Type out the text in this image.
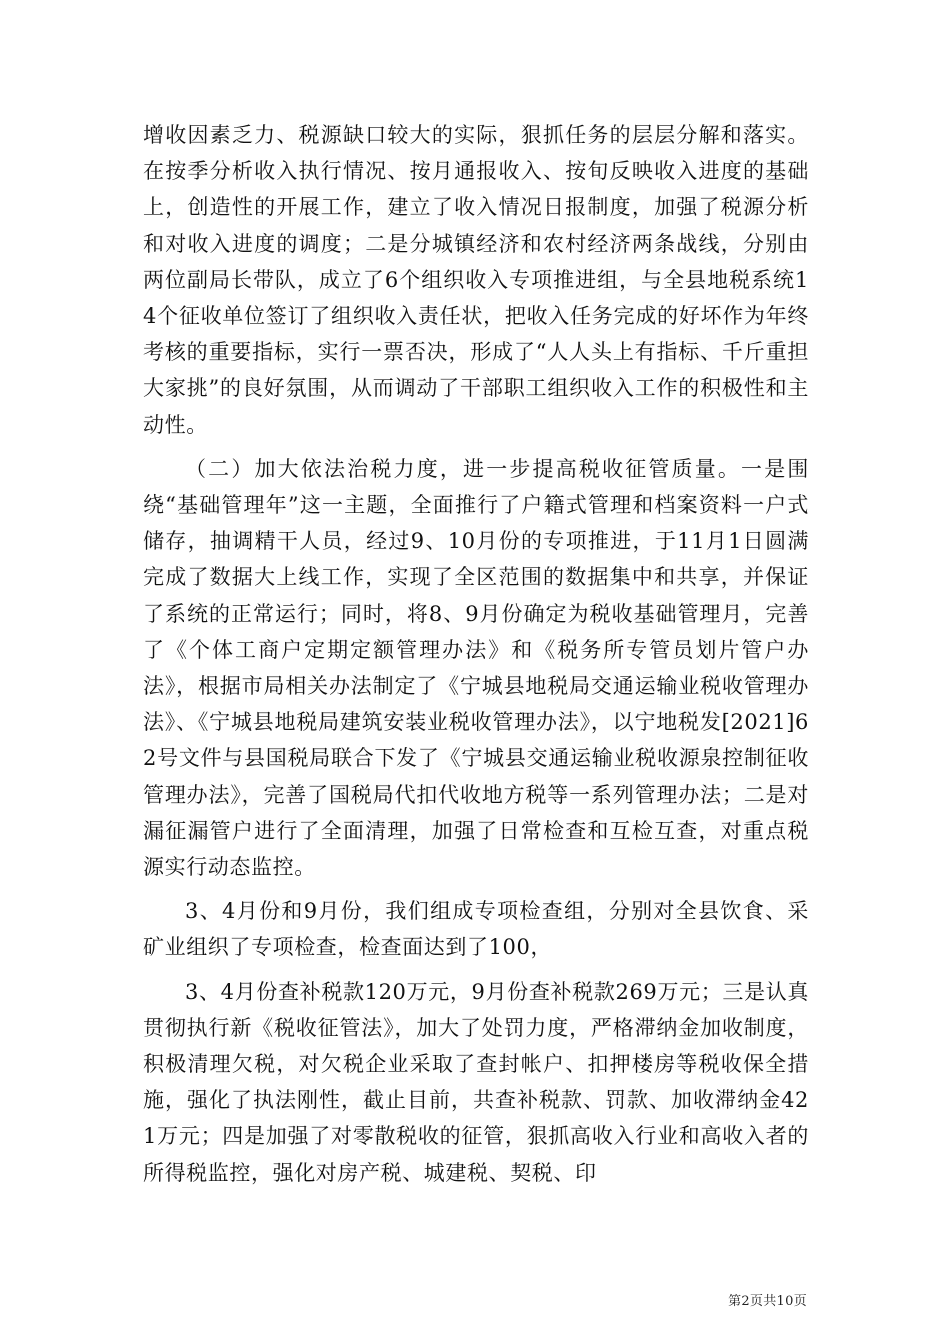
增收因素乏力、税源缺口较大的实际，狠抓任务的层层分解和落实。在按季分析收入执行情况、按月通报收入、按旬反映收入进度的基础上，创造性的开展工作，建立了收入情况日报制度，加强了税源分析和对收入进度的调度；二是分城镇经济和农村经济两条战线，分别由两位副局长带队，成立了6个组织收入专项推进组，与全县地税系统14个征收单位签订了组织收入责任状，把收入任务完成的好坏作为年终考核的重要指标，实行一票否决，形成了“人人头上有指标、千斤重担大家挑”的良好氛围，从而调动了干部职工组织收入工作的积极性和主动性。

（二）加大依法治税力度，进一步提高税收征管质量。一是围绕“基础管理年”这一主题，全面推行了户籍式管理和档案资料一户式储存，抽调精干人员，经过9、10月份的专项推进，于11月1日圆满完成了数据大上线工作，实现了全区范围的数据集中和共享，并保证了系统的正常运行；同时，将8、9月份确定为税收基础管理月，完善了《个体工商户定期定额管理办法》和《税务所专管员划片管户办法》，根据市局相关办法制定了《宁城县地税局交通运输业税收管理办法》、《宁城县地税局建筑安装业税收管理办法》，以宁地税发[2021]62号文件与县国税局联合下发了《宁城县交通运输业税收源泉控制征收管理办法》，完善了国税局代扣代收地方税等一系列管理办法；二是对漏征漏管户进行了全面清理，加强了日常检查和互检互查，对重点税源实行动态监控。

3、4月份和9月份，我们组成专项检查组，分别对全县饮食、采矿业组织了专项检查，检查面达到了100，

3、4月份查补税款120万元，9月份查补税款269万元；三是认真贯彻执行新《税收征管法》，加大了处罚力度，严格滞纳金加收制度，积极清理欠税，对欠税企业采取了查封帐户、扣押楼房等税收保全措施，强化了执法刚性，截止目前，共查补税款、罚款、加收滞纳金421万元；四是加强了对零散税收的征管，狠抓高收入行业和高收入者的所得税监控，强化对房产税、城建税、契税、印

第2页共10页
